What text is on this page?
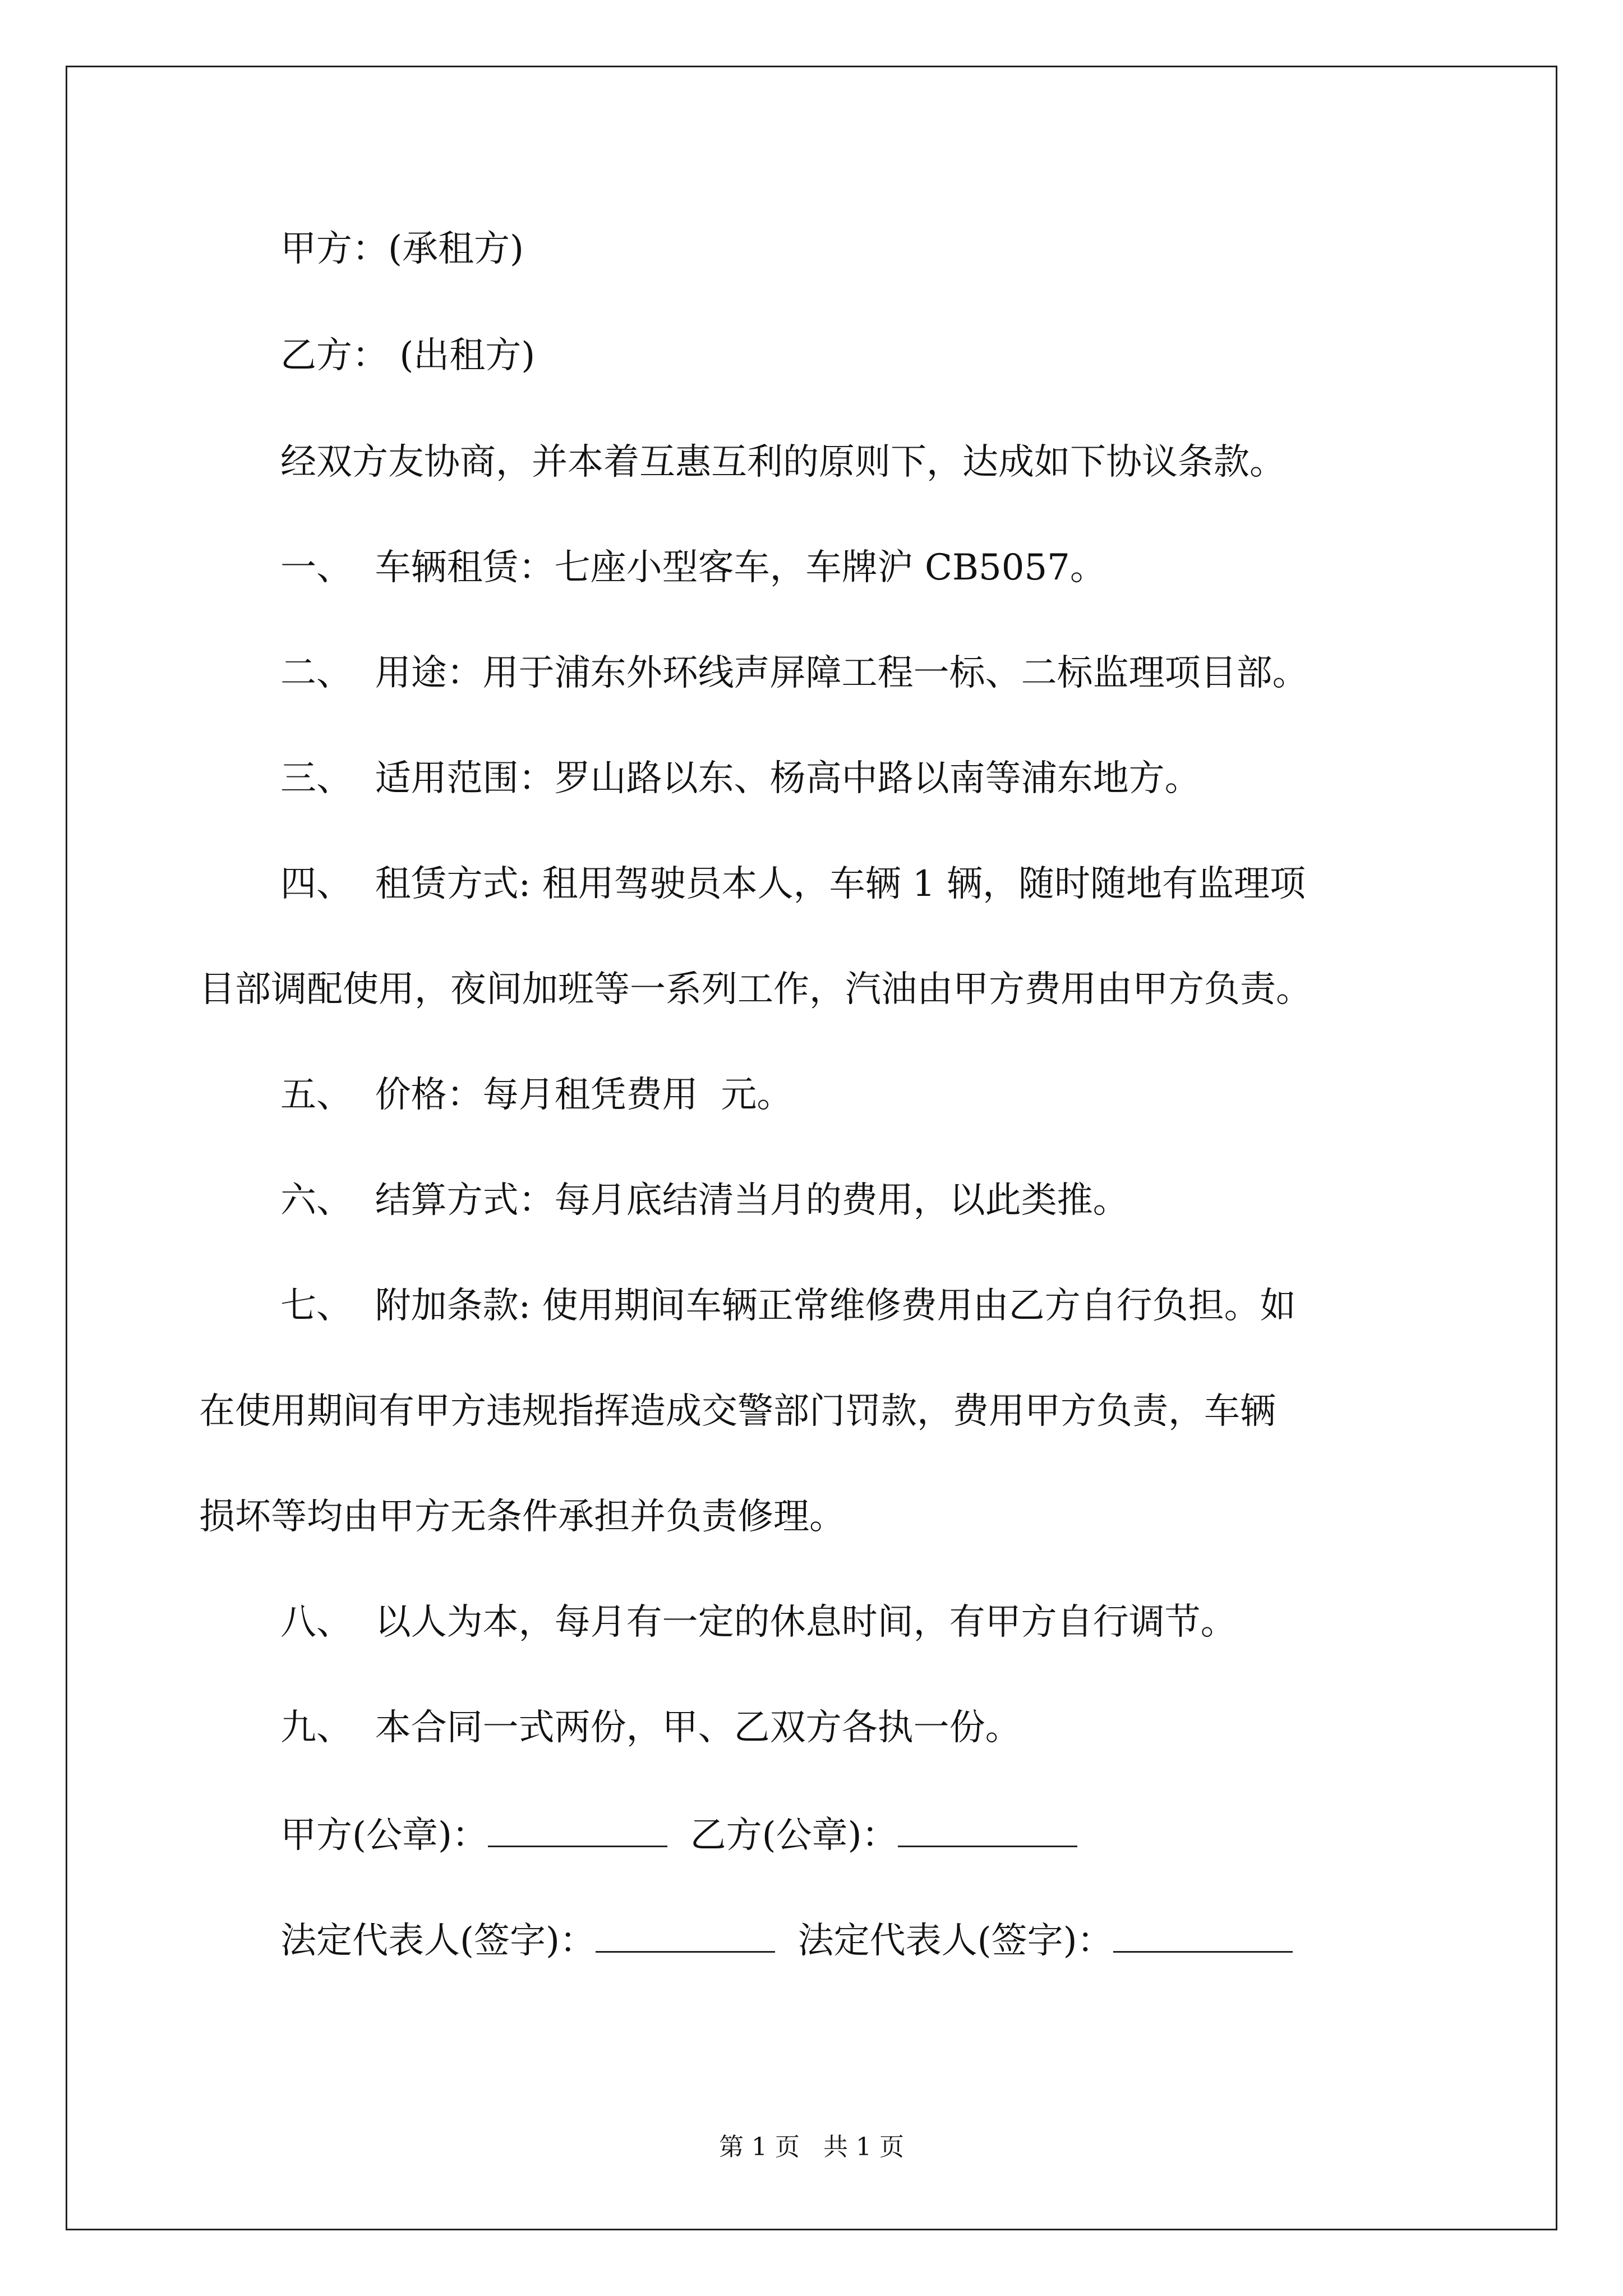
甲方：(承租方)

乙方： (出租方)

经双方友协商，并本着互惠互利的原则下，达成如下协议条款。

一、  车辆租赁：七座小型客车，车牌沪 CB5057。

二、  用途：用于浦东外环线声屏障工程一标、二标监理项目部。

三、  适用范围：罗山路以东、杨高中路以南等浦东地方。

四、  租赁方式: 租用驾驶员本人，车辆 1 辆，随时随地有监理项

目部调配使用，夜间加班等一系列工作，汽油由甲方费用由甲方负责。

五、  价格：每月租凭费用  元。

六、  结算方式：每月底结清当月的费用，以此类推。

七、  附加条款: 使用期间车辆正常维修费用由乙方自行负担。如

在使用期间有甲方违规指挥造成交警部门罚款，费用甲方负责，车辆

损坏等均由甲方无条件承担并负责修理。

八、  以人为本，每月有一定的休息时间，有甲方自行调节。

九、  本合同一式两份，甲、乙双方各执一份。

甲方(公章)：	乙方(公章)：

法定代表人(签字)：	法定代表人(签字)：

第 1 页   共 1 页
